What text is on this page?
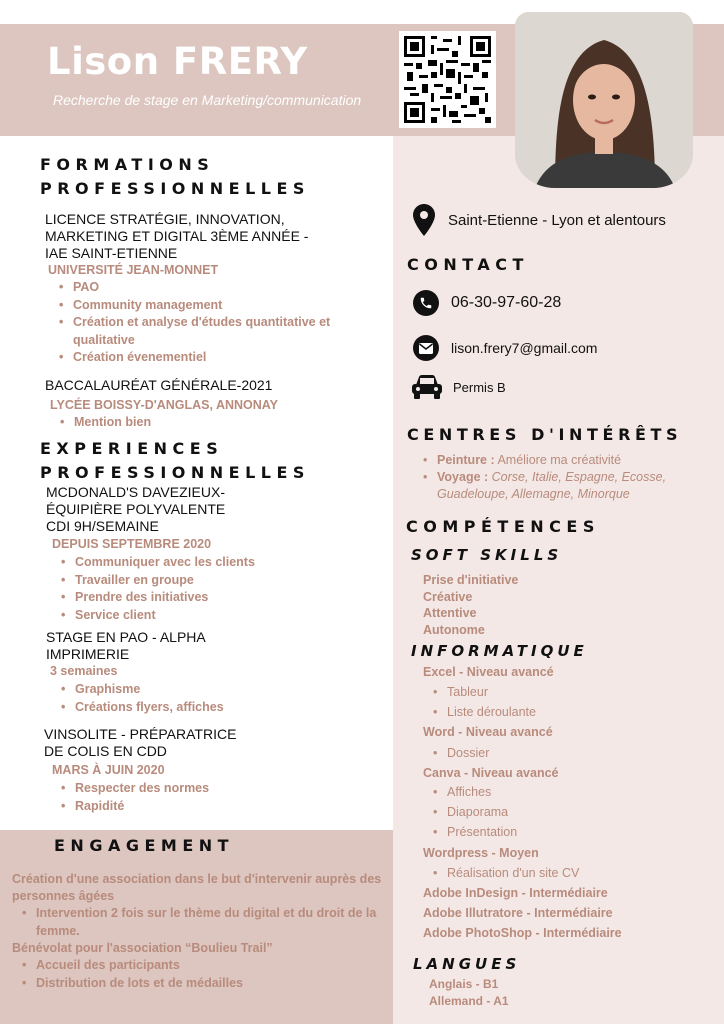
Lison FRERY
Recherche de stage en Marketing/communication
FORMATIONS
PROFESSIONNELLES
LICENCE STRATÉGIE, INNOVATION,
MARKETING ET DIGITAL 3ÈME ANNÉE -
IAE SAINT-ETIENNE
UNIVERSITÉ JEAN-MONNET
• PAO
• Community management
• Création et analyse d'études quantitative et qualitative
• Création évenementiel
BACCALAURÉAT GÉNÉRALE-2021
LYCÉE BOISSY-D'ANGLAS, ANNONAY
• Mention bien
EXPERIENCES
PROFESSIONNELLES
MCDONALD'S DAVEZIEUX-
ÉQUIPIÈRE POLYVALENTE
CDI 9H/SEMAINE
DEPUIS SEPTEMBRE 2020
• Communiquer avec les clients
• Travailler en groupe
• Prendre des initiatives
• Service client
STAGE EN PAO - ALPHA
IMPRIMERIE
3 semaines
• Graphisme
• Créations flyers, affiches
VINSOLITE - PRÉPARATRICE
DE COLIS EN CDD
MARS À JUIN 2020
• Respecter des normes
• Rapidité
ENGAGEMENT
Création d'une association dans le but d'intervenir auprès des personnes âgées
• Intervention 2 fois sur le thème du digital et du droit de la femme.
Bénévolat pour l'association “Boulieu Trail”
• Accueil des participants
• Distribution de lots et de médailles
Saint-Etienne - Lyon et alentours
CONTACT
06-30-97-60-28
lison.frery7@gmail.com
Permis B
CENTRES D'INTÉRÊTS
• Peinture : Améliore ma créativité
• Voyage : Corse, Italie, Espagne, Ecosse, Guadeloupe, Allemagne, Minorque
COMPÉTENCES
SOFT SKILLS
Prise d'initiative
Créative
Attentive
Autonome
INFORMATIQUE
Excel - Niveau avancé
• Tableur
• Liste déroulante
Word - Niveau avancé
• Dossier
Canva - Niveau avancé
• Affiches
• Diaporama
• Présentation
Wordpress - Moyen
• Réalisation d'un site CV
Adobe InDesign - Intermédiaire
Adobe Illutratore - Intermédiaire
Adobe PhotoShop - Intermédiaire
LANGUES
Anglais - B1
Allemand - A1
